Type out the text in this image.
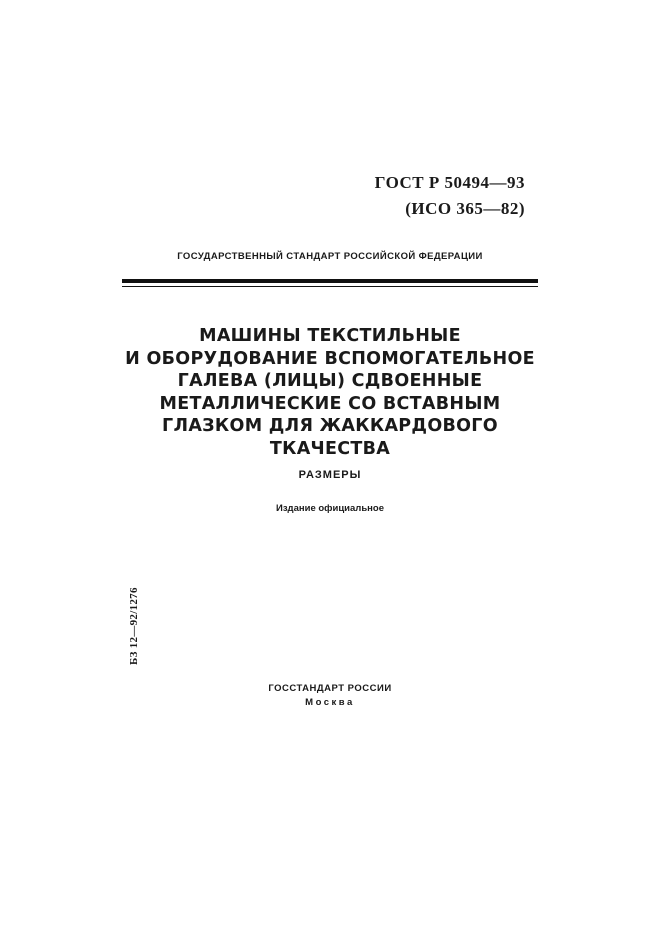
ГОСТ Р 50494—93
(ИСО 365—82)
ГОСУДАРСТВЕННЫЙ СТАНДАРТ РОССИЙСКОЙ ФЕДЕРАЦИИ
МАШИНЫ ТЕКСТИЛЬНЫЕ
И ОБОРУДОВАНИЕ ВСПОМОГАТЕЛЬНОЕ
ГАЛЕВА (ЛИЦЫ) СДВОЕННЫЕ
МЕТАЛЛИЧЕСКИЕ СО ВСТАВНЫМ
ГЛАЗКОМ ДЛЯ ЖАККАРДОВОГО
ТКАЧЕСТВА
РАЗМЕРЫ
Издание официальное
БЗ 12—92/1276
ГОССТАНДАРТ РОССИИ
Москва
